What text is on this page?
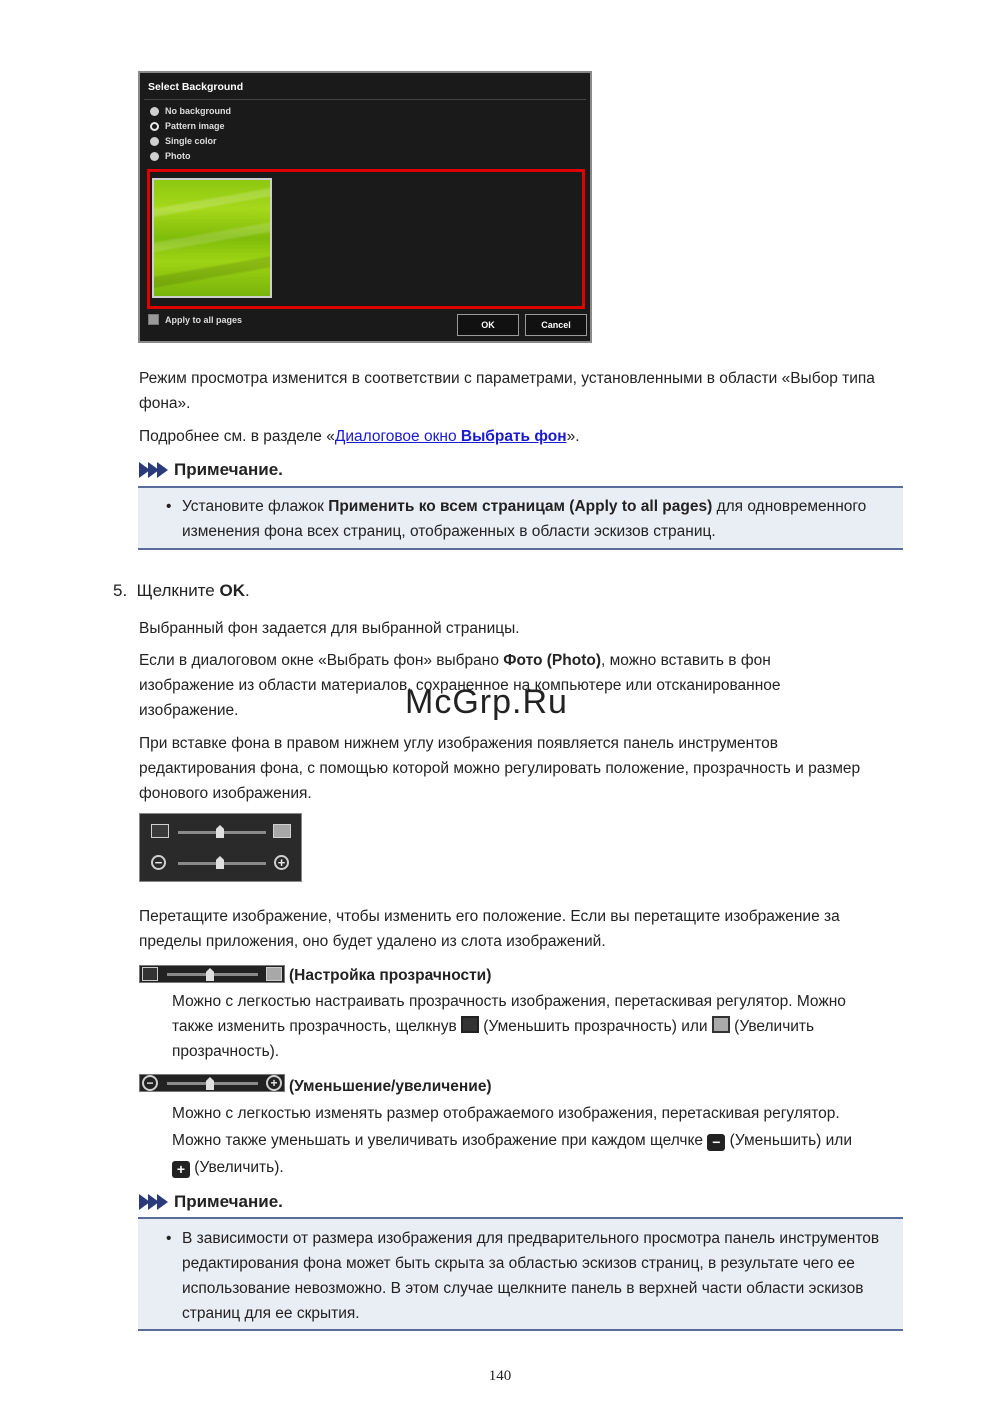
Select Background
No background
Pattern image
Single color
Photo
Apply to all pages
OK	Cancel

Режим просмотра изменится в соответствии с параметрами, установленными в области «Выбор типа фона».

Подробнее см. в разделе «Диалоговое окно Выбрать фон».

Примечание.
• Установите флажок Применить ко всем страницам (Apply to all pages) для одновременного изменения фона всех страниц, отображенных в области эскизов страниц.

5. Щелкните OK.

Выбранный фон задается для выбранной страницы.

Если в диалоговом окне «Выбрать фон» выбрано Фото (Photo), можно вставить в фон изображение из области материалов, сохраненное на компьютере или отсканированное изображение.	McGrp.Ru

При вставке фона в правом нижнем углу изображения появляется панель инструментов редактирования фона, с помощью которой можно регулировать положение, прозрачность и размер фонового изображения.

−	+

Перетащите изображение, чтобы изменить его положение. Если вы перетащите изображение за пределы приложения, оно будет удалено из слота изображений.

(Настройка прозрачности)
Можно с легкостью настраивать прозрачность изображения, перетаскивая регулятор. Можно
также изменить прозрачность, щелкнув  (Уменьшить прозрачность) или  (Увеличить
прозрачность).
−	+ (Уменьшение/увеличение)
Можно с легкостью изменять размер отображаемого изображения, перетаскивая регулятор.
Можно также уменьшать и увеличивать изображение при каждом щелчке − (Уменьшить) или
+ (Увеличить).
Примечание.
• В зависимости от размера изображения для предварительного просмотра панель инструментов редактирования фона может быть скрыта за областью эскизов страниц, в результате чего ее использование невозможно. В этом случае щелкните панель в верхней части области эскизов страниц для ее скрытия.
140
